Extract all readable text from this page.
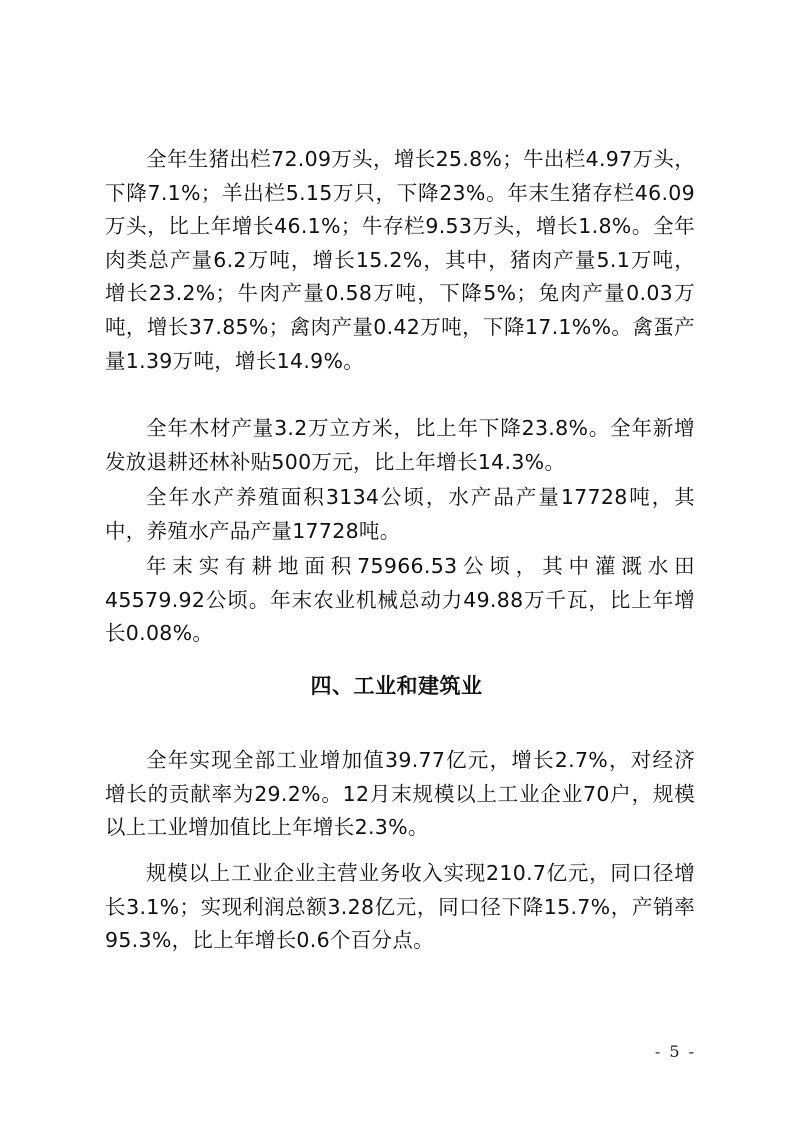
全年生猪出栏72.09万头，增长25.8%；牛出栏4.97万头，下降7.1%；羊出栏5.15万只，下降23%。年末生猪存栏46.09万头，比上年增长46.1%；牛存栏9.53万头，增长1.8%。全年肉类总产量6.2万吨，增长15.2%，其中，猪肉产量5.1万吨，增长23.2%；牛肉产量0.58万吨，下降5%；兔肉产量0.03万吨，增长37.85%；禽肉产量0.42万吨，下降17.1%%。禽蛋产量1.39万吨，增长14.9%。

全年木材产量3.2万立方米，比上年下降23.8%。全年新增发放退耕还林补贴500万元，比上年增长14.3%。

全年水产养殖面积3134公顷，水产品产量17728吨，其中，养殖水产品产量17728吨。

年末实有耕地面积75966.53公顷，其中灌溉水田45579.92公顷。年末农业机械总动力49.88万千瓦，比上年增长0.08%。

四、工业和建筑业

全年实现全部工业增加值39.77亿元，增长2.7%，对经济增长的贡献率为29.2%。12月末规模以上工业企业70户，规模以上工业增加值比上年增长2.3%。

规模以上工业企业主营业务收入实现210.7亿元，同口径增长3.1%；实现利润总额3.28亿元，同口径下降15.7%，产销率95.3%，比上年增长0.6个百分点。

- 5 -
